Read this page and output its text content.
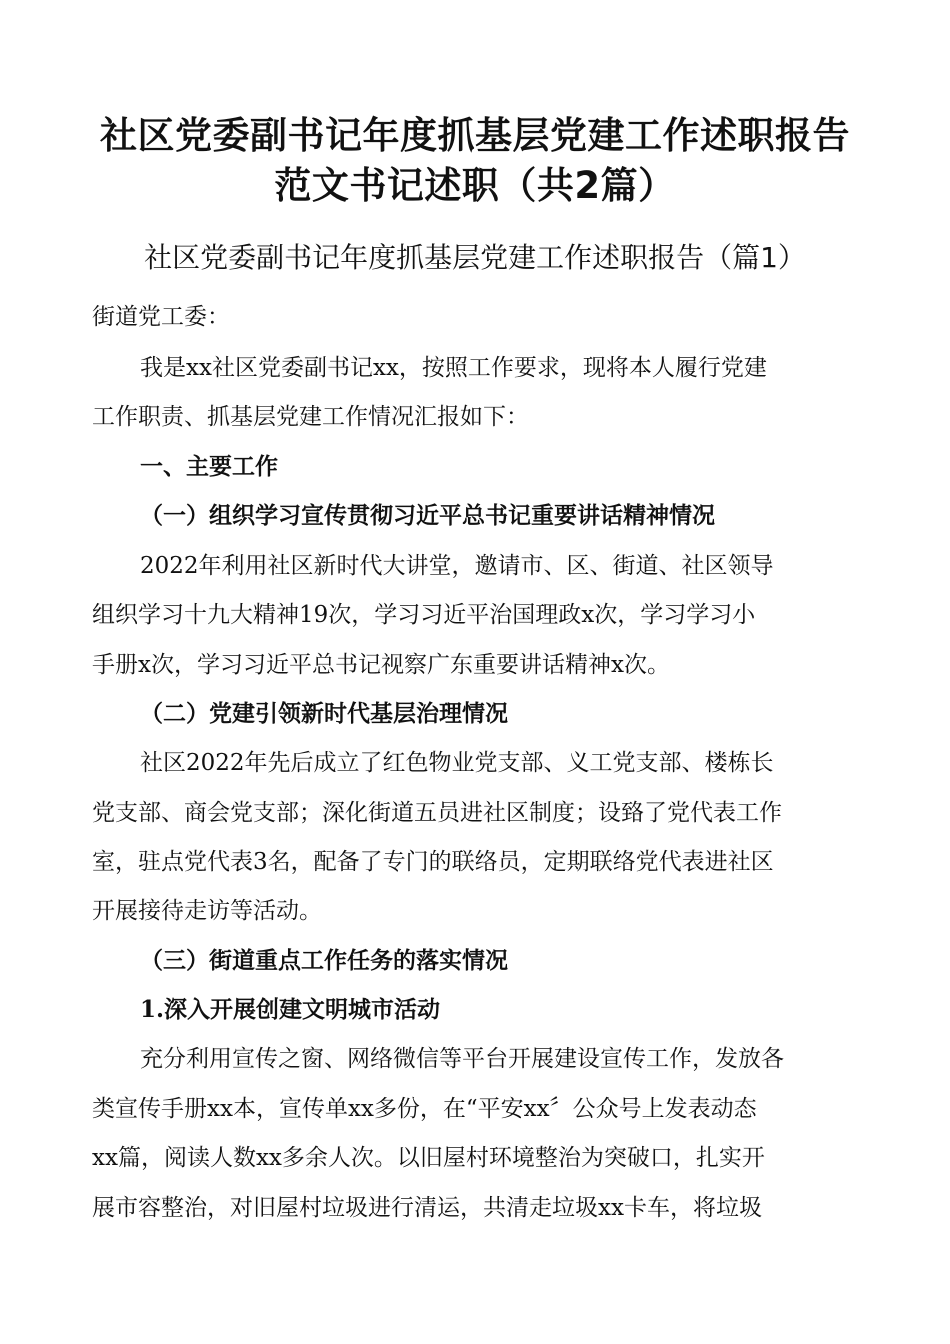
社区党委副书记年度抓基层党建工作述职报告
范文书记述职（共2篇）
社区党委副书记年度抓基层党建工作述职报告（篇1）

街道党工委：

我是xx社区党委副书记xx，按照工作要求，现将本人履行党建

工作职责、抓基层党建工作情况汇报如下：

一、主要工作

（一）组织学习宣传贯彻习近平总书记重要讲话精神情况

2022年利用社区新时代大讲堂，邀请市、区、街道、社区领导

组织学习十九大精神19次，学习习近平治国理政x次，学习学习小

手册x次，学习习近平总书记视察广东重要讲话精神x次。

（二）党建引领新时代基层治理情况

社区2022年先后成立了红色物业党支部、义工党支部、楼栋长

党支部、商会党支部；深化街道五员进社区制度；设臵了党代表工作

室，驻点党代表3名，配备了专门的联络员，定期联络党代表进社区

开展接待走访等活动。

（三）街道重点工作任务的落实情况

1.深入开展创建文明城市活动

充分利用宣传之窗、网络微信等平台开展建设宣传工作，发放各

类宣传手册xx本，宣传单xx多份，在“平安xx〞公众号上发表动态

xx篇，阅读人数xx多余人次。以旧屋村环境整治为突破口，扎实开

展市容整治，对旧屋村垃圾进行清运，共清走垃圾xx卡车，将垃圾
